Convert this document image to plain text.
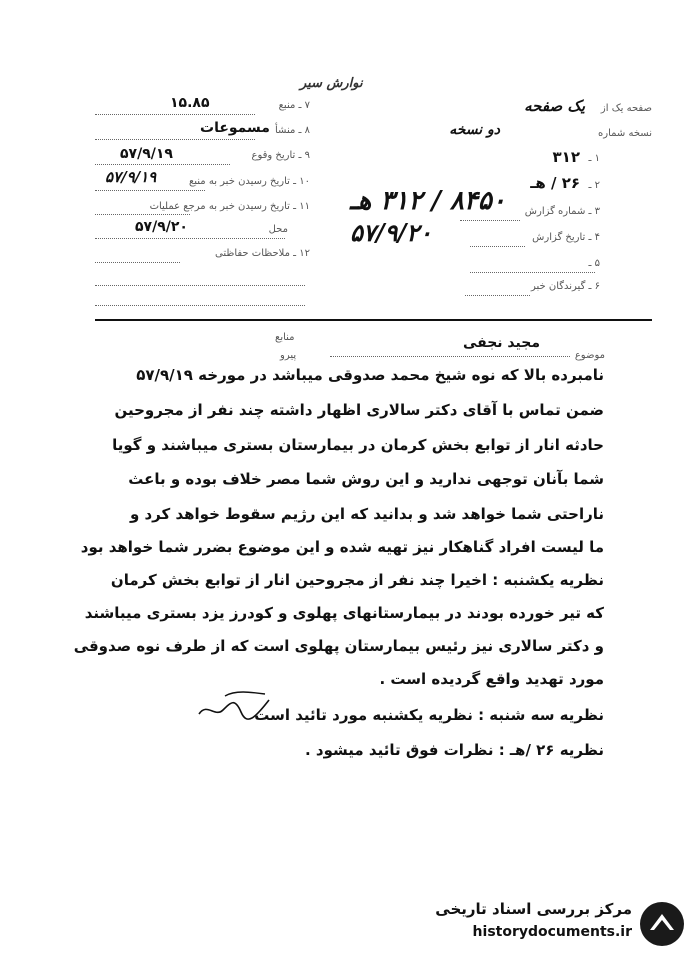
نوارش سیر
۷ ـ منبع
۱۵.۸۵
۸ ـ منشأ
مسموعات
۹ ـ تاریخ وقوع
۵۷/۹/۱۹
۱۰ ـ تاریخ رسیدن خبر به منبع
۵۷/۹/۱۹
۱۱ ـ تاریخ رسیدن خبر به مرجع عملیات
محل
۵۷/۹/۲۰
۱۲ ـ ملاحظات حفاظتی
صفحه یک از
یک صفحه
نسخه شماره
دو نسخه
۱ ـ
۳۱۲
۲ ـ
۲۶ / هـ
۳ ـ شماره گزارش
۸۴۵۰ / ۳۱۲ هـ
۴ ـ تاریخ گزارش
۵۷/۹/۲۰
۵ ـ
۶ ـ گیرندگان خبر
منابع
پیرو	موضوع
مجید نجفی
نامبرده بالا که نوه شیخ محمد صدوقی میباشد در مورخه ۵۷/۹/۱۹
ضمن تماس با آقای دکتر سالاری اظهار داشته چند نفر از مجروحین
حادثه انار از توابع بخش کرمان در بیمارستان بستری میباشند و گویا
شما بآنان توجهی ندارید و این روش شما مصر خلاف بوده و باعث
ناراحتی شما خواهد شد و بدانید که این رژیم سقوط خواهد کرد و
ما لیست افراد گناهکار نیز تهیه شده و این موضوع بضرر شما خواهد بود
نظریه یکشنبه : اخیرا چند نفر از مجروحین انار از توابع بخش کرمان
که تیر خورده بودند در بیمارستانهای پهلوی و کودرز یزد بستری میباشند
و دکتر سالاری نیز رئیس بیمارستان پهلوی است که از طرف نوه صدوقی
مورد تهدید واقع گردیده است .
نظریه سه شنبه : نظریه یکشنبه مورد تائید است
نظریه ۲۶ /هـ : نظرات فوق تائید میشود .
مرکز بررسی اسناد تاریخی
historydocuments.ir
